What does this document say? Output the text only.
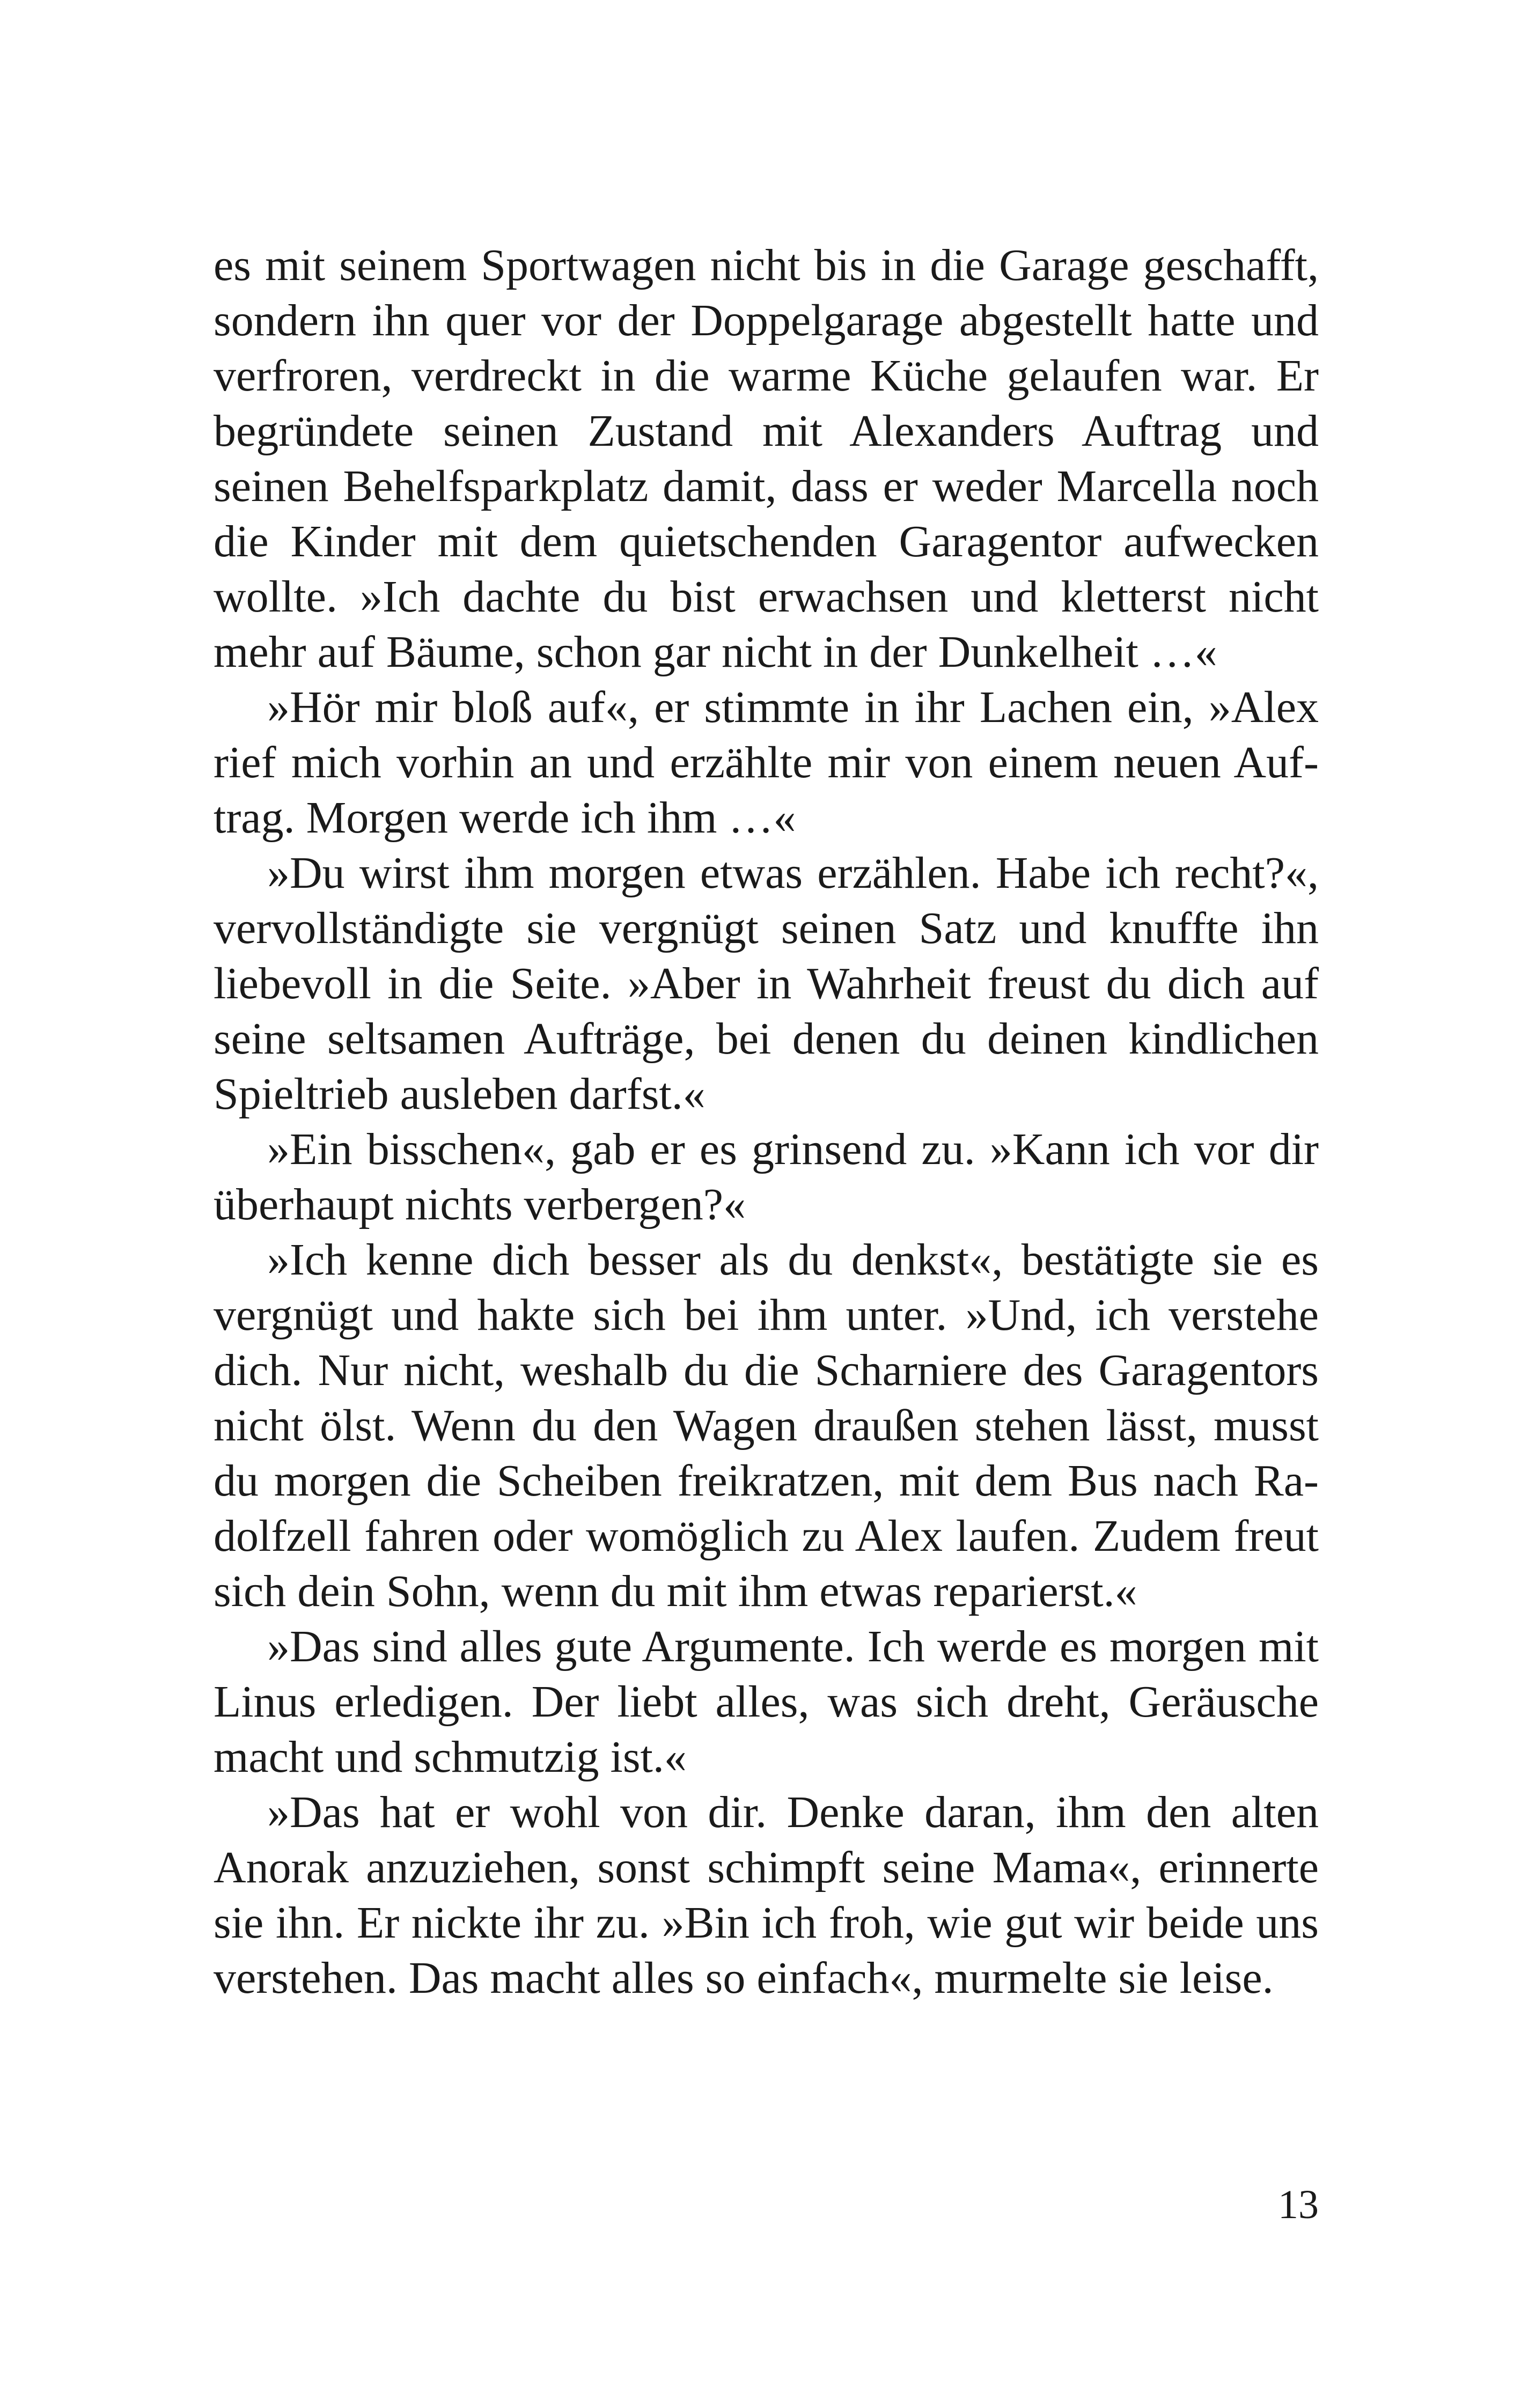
es mit seinem Sportwagen nicht bis in die Garage geschafft, sondern ihn quer vor der Doppelgarage abgestellt hatte und verfroren, verdreckt in die warme Küche gelaufen war. Er begründete seinen Zustand mit Alexanders Auftrag und seinen Behelfsparkplatz damit, dass er weder Marcella noch die Kinder mit dem quietschenden Garagentor aufwecken wollte. »Ich dachte du bist erwachsen und kletterst nicht mehr auf Bäume, schon gar nicht in der Dunkelheit …«

»Hör mir bloß auf«, er stimmte in ihr Lachen ein, »Alex rief mich vorhin an und erzählte mir von einem neuen Auftrag. Morgen werde ich ihm …«

»Du wirst ihm morgen etwas erzählen. Habe ich recht?«, vervollständigte sie vergnügt seinen Satz und knuffte ihn liebevoll in die Seite. »Aber in Wahrheit freust du dich auf seine seltsamen Aufträge, bei denen du deinen kindlichen Spieltrieb ausleben darfst.«

»Ein bisschen«, gab er es grinsend zu. »Kann ich vor dir überhaupt nichts verbergen?«

»Ich kenne dich besser als du denkst«, bestätigte sie es vergnügt und hakte sich bei ihm unter. »Und, ich verstehe dich. Nur nicht, weshalb du die Scharniere des Garagentors nicht ölst. Wenn du den Wagen draußen stehen lässt, musst du morgen die Scheiben freikratzen, mit dem Bus nach Radolfzell fahren oder womöglich zu Alex laufen. Zudem freut sich dein Sohn, wenn du mit ihm etwas reparierst.«

»Das sind alles gute Argumente. Ich werde es morgen mit Linus erledigen. Der liebt alles, was sich dreht, Geräusche macht und schmutzig ist.«

»Das hat er wohl von dir. Denke daran, ihm den alten Anorak anzuziehen, sonst schimpft seine Mama«, erinnerte sie ihn. Er nickte ihr zu. »Bin ich froh, wie gut wir beide uns verstehen. Das macht alles so einfach«, murmelte sie leise.

13
